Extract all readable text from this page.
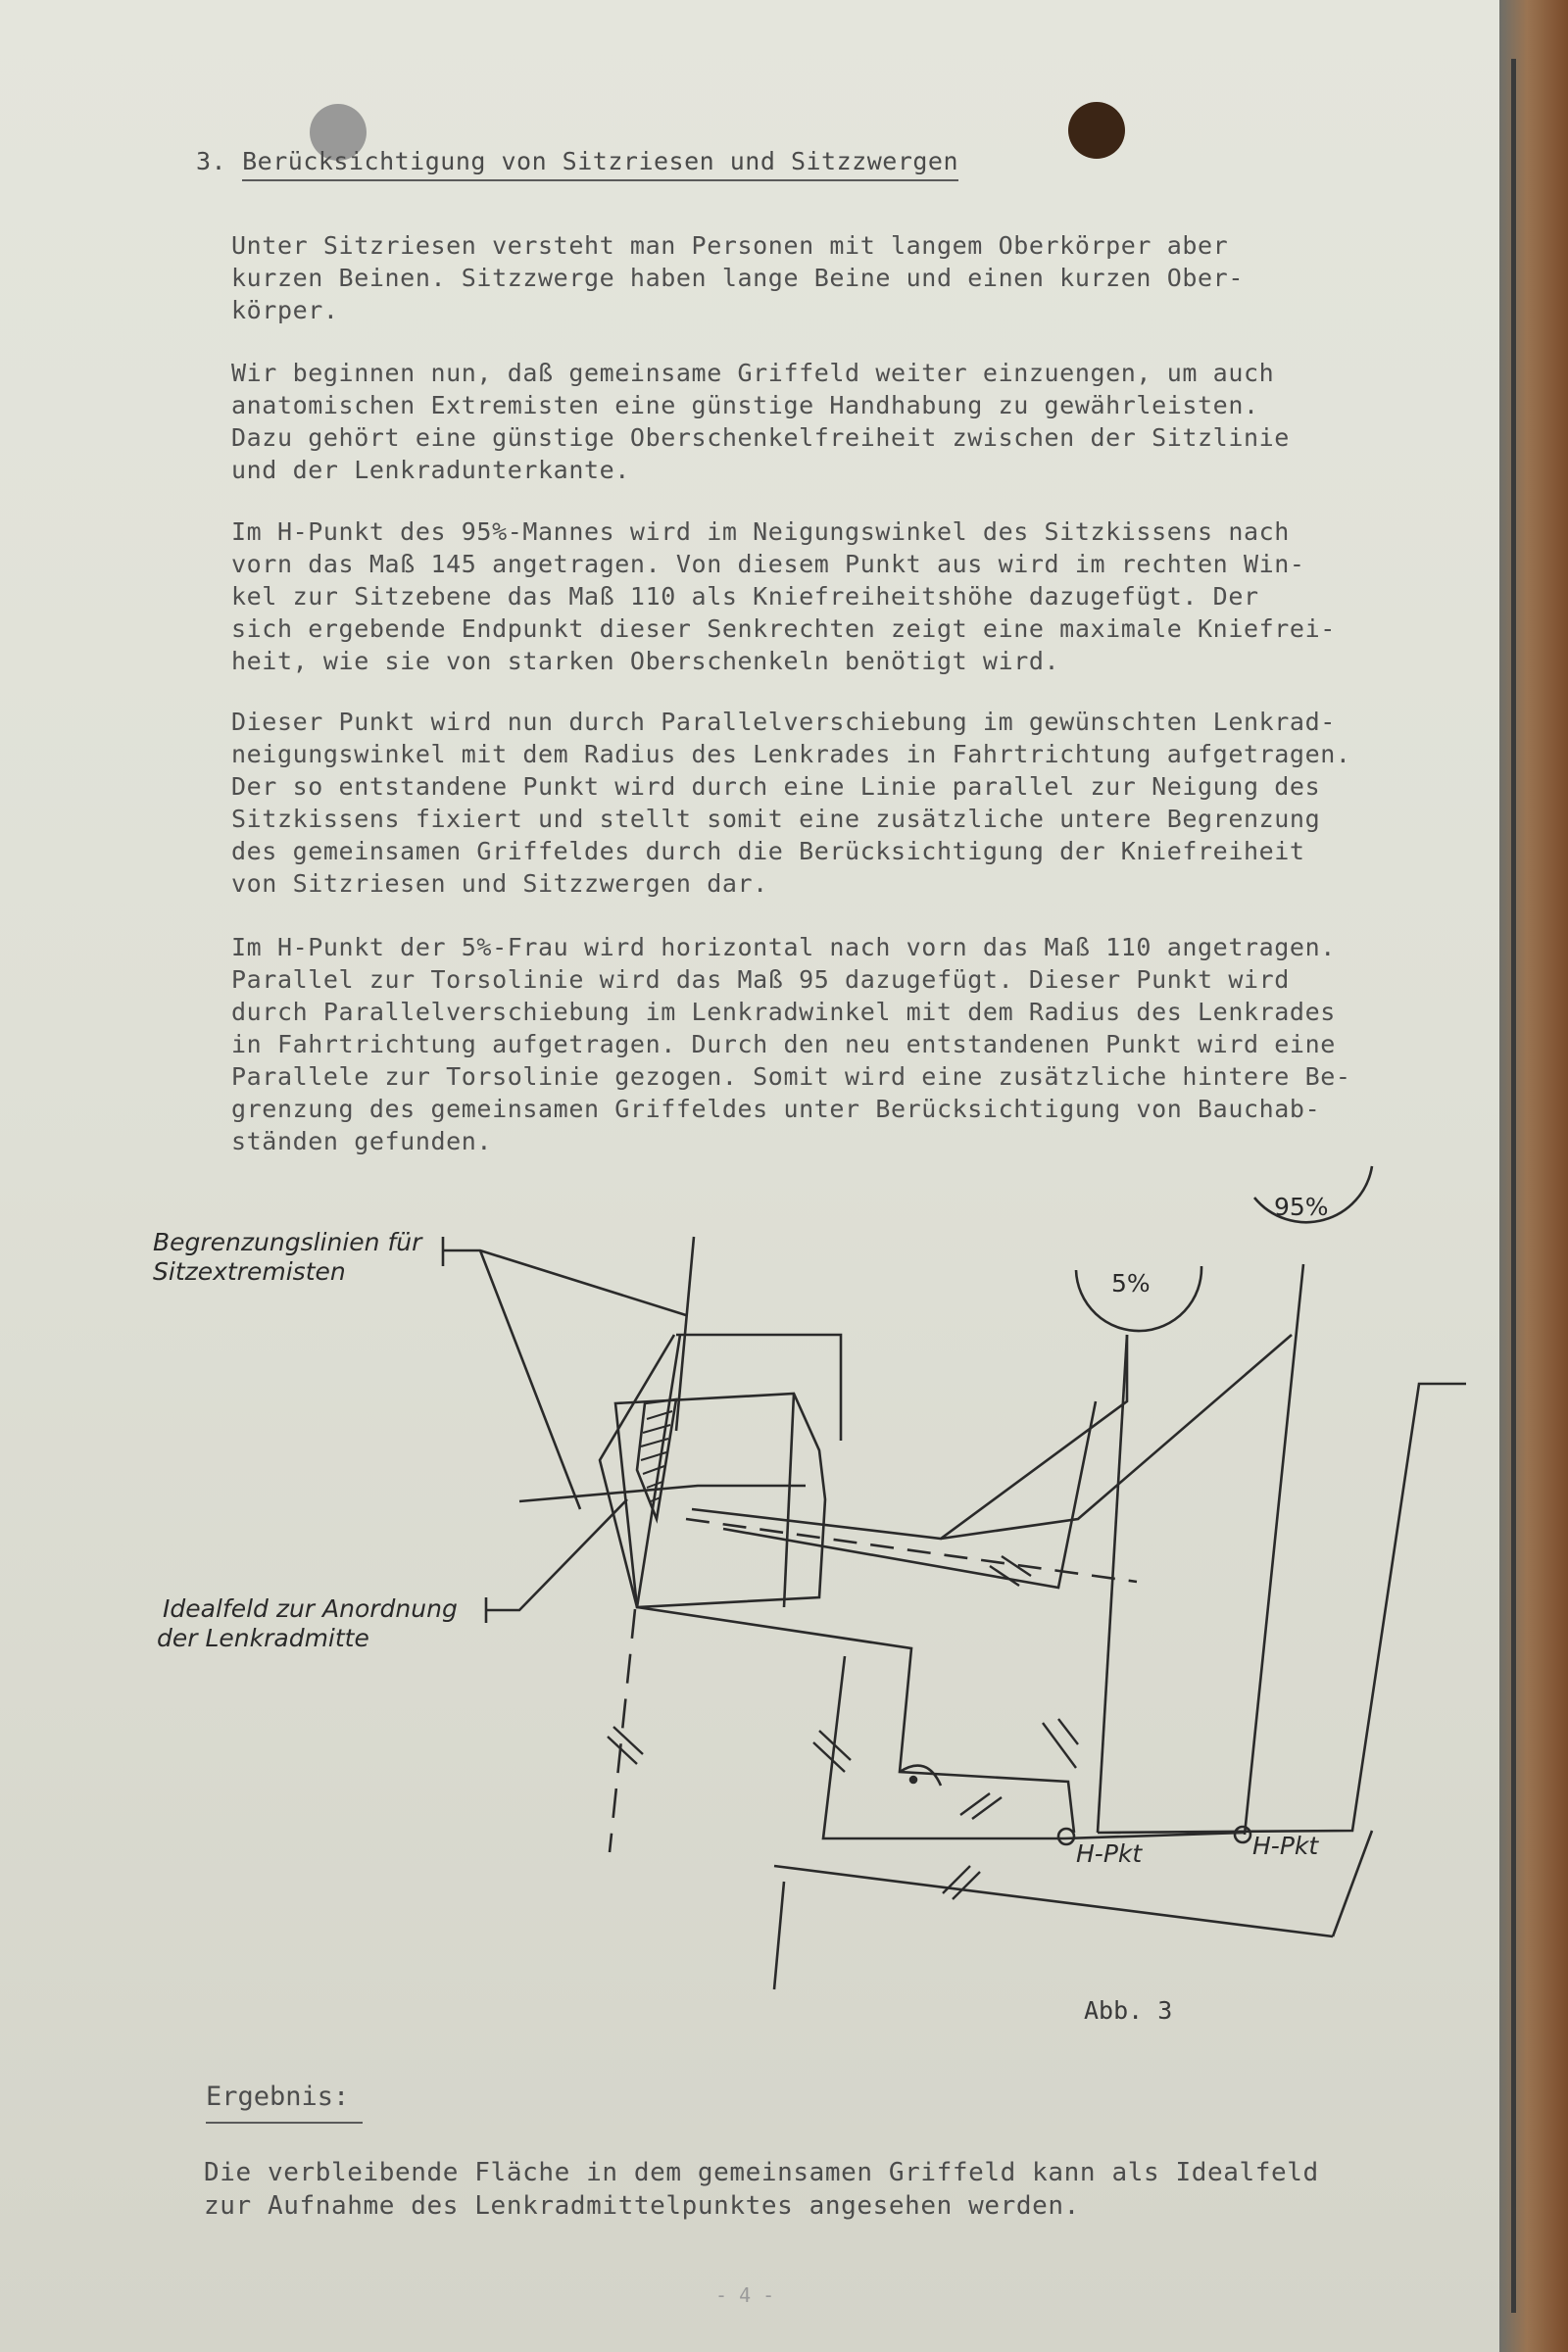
3. Berücksichtigung von Sitzriesen und Sitzzwergen

Unter Sitzriesen versteht man Personen mit langem Oberkörper aber
kurzen Beinen. Sitzzwerge haben lange Beine und einen kurzen Ober-
körper.

Wir beginnen nun, daß gemeinsame Griffeld weiter einzuengen, um auch
anatomischen Extremisten eine günstige Handhabung zu gewährleisten.
Dazu gehört eine günstige Oberschenkelfreiheit zwischen der Sitzlinie
und der Lenkradunterkante.

Im H-Punkt des 95%-Mannes wird im Neigungswinkel des Sitzkissens nach
vorn das Maß 145 angetragen. Von diesem Punkt aus wird im rechten Win-
kel zur Sitzebene das Maß 110 als Kniefreiheitshöhe dazugefügt. Der
sich ergebende Endpunkt dieser Senkrechten zeigt eine maximale Kniefrei-
heit, wie sie von starken Oberschenkeln benötigt wird.

Dieser Punkt wird nun durch Parallelverschiebung im gewünschten Lenkrad-
neigungswinkel mit dem Radius des Lenkrades in Fahrtrichtung aufgetragen.
Der so entstandene Punkt wird durch eine Linie parallel zur Neigung des
Sitzkissens fixiert und stellt somit eine zusätzliche untere Begrenzung
des gemeinsamen Griffeldes durch die Berücksichtigung der Kniefreiheit
von Sitzriesen und Sitzzwergen dar.

Im H-Punkt der 5%-Frau wird horizontal nach vorn das Maß 110 angetragen.
Parallel zur Torsolinie wird das Maß 95 dazugefügt. Dieser Punkt wird
durch Parallelverschiebung im Lenkradwinkel mit dem Radius des Lenkrades
in Fahrtrichtung aufgetragen. Durch den neu entstandenen Punkt wird eine
Parallele zur Torsolinie gezogen. Somit wird eine zusätzliche hintere Be-
grenzung des gemeinsamen Griffeldes unter Berücksichtigung von Bauchab-
ständen gefunden.

Begrenzungslinien für
Sitzextremisten
Idealfeld zur Anordnung
der Lenkradmitte
5%
95%
H-Pkt	H-Pkt
Abb. 3
Ergebnis:

Die verbleibende Fläche in dem gemeinsamen Griffeld kann als Idealfeld
zur Aufnahme des Lenkradmittelpunktes angesehen werden.

- 4 -
